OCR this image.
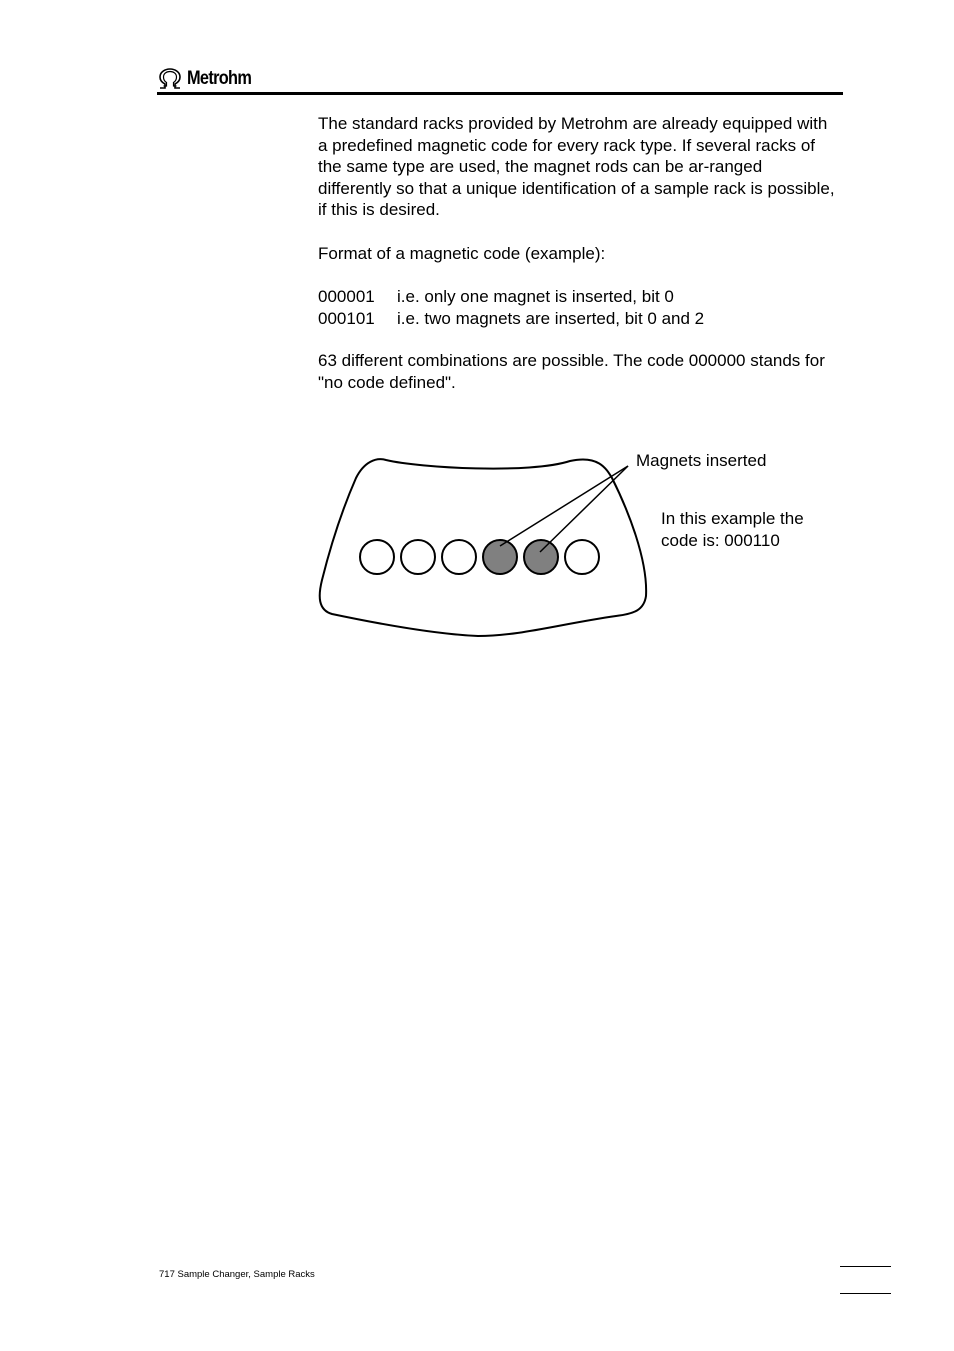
Metrohm
The standard racks provided by Metrohm are already equipped with a predefined magnetic code for every rack type. If several racks of the same type are used, the magnet rods can be ar-ranged differently so that a unique identification of a sample rack is possible, if this is desired.
Format of a magnetic code (example):
000001	i.e. only one magnet is inserted, bit 0
000101	i.e. two magnets are inserted, bit 0 and 2
63 different combinations are possible. The code 000000 stands for "no code defined".
Magnets inserted
In this example the code is: 000110
717 Sample Changer, Sample Racks
